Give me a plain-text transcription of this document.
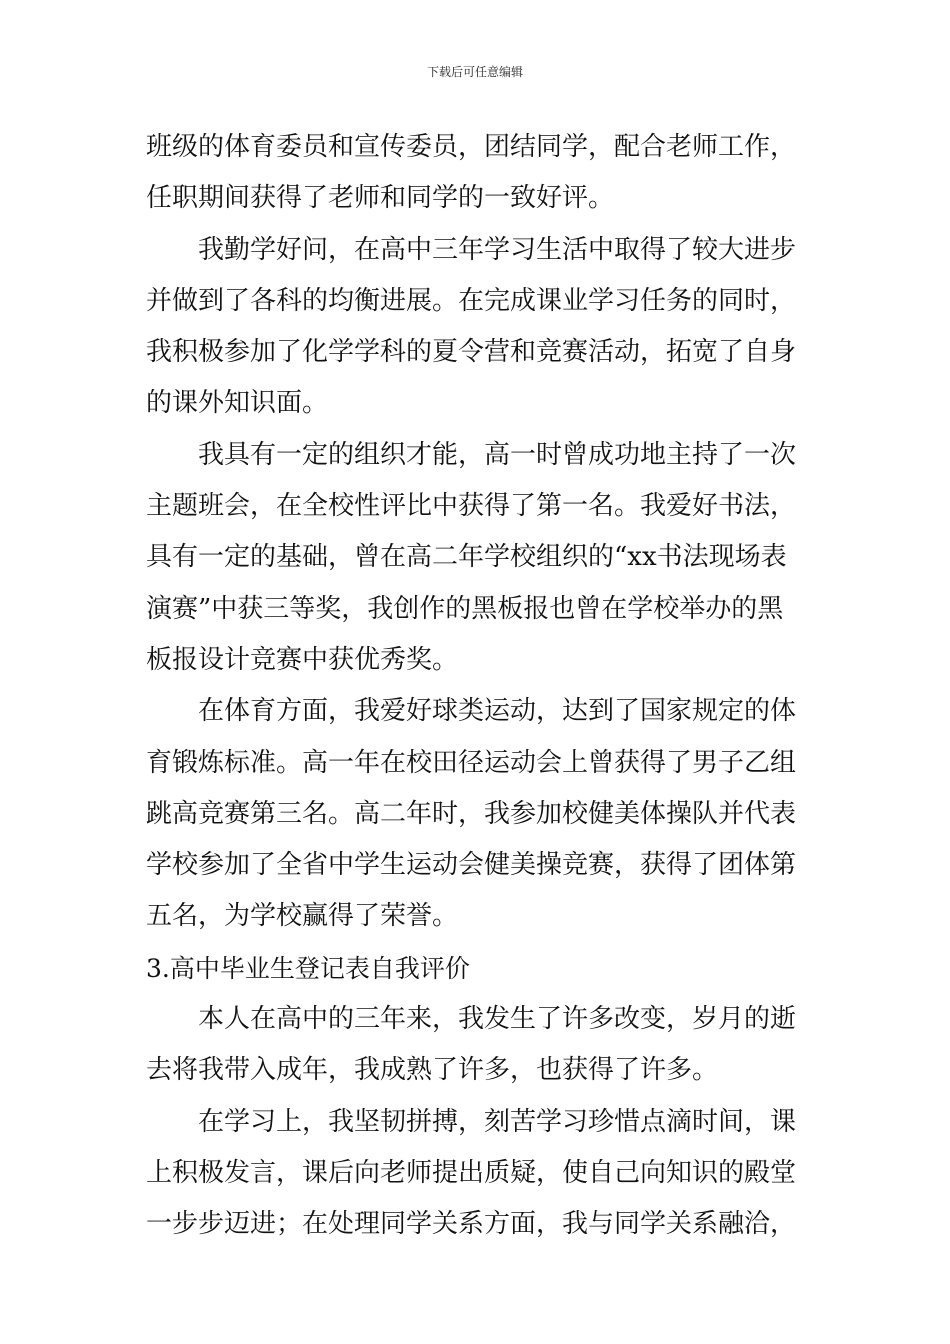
下载后可任意编辑
班级的体育委员和宣传委员，团结同学，配合老师工作，
任职期间获得了老师和同学的一致好评。
我勤学好问，在高中三年学习生活中取得了较大进步
并做到了各科的均衡进展。在完成课业学习任务的同时，
我积极参加了化学学科的夏令营和竞赛活动，拓宽了自身
的课外知识面。
我具有一定的组织才能，高一时曾成功地主持了一次
主题班会，在全校性评比中获得了第一名。我爱好书法，
具有一定的基础，曾在高二年学校组织的“xx书法现场表
演赛”中获三等奖，我创作的黑板报也曾在学校举办的黑
板报设计竞赛中获优秀奖。
在体育方面，我爱好球类运动，达到了国家规定的体
育锻炼标准。高一年在校田径运动会上曾获得了男子乙组
跳高竞赛第三名。高二年时，我参加校健美体操队并代表
学校参加了全省中学生运动会健美操竞赛，获得了团体第
五名，为学校赢得了荣誉。
3.高中毕业生登记表自我评价
本人在高中的三年来，我发生了许多改变，岁月的逝
去将我带入成年，我成熟了许多，也获得了许多。
在学习上，我坚韧拼搏，刻苦学习珍惜点滴时间，课
上积极发言，课后向老师提出质疑，使自己向知识的殿堂
一步步迈进；在处理同学关系方面，我与同学关系融洽，
